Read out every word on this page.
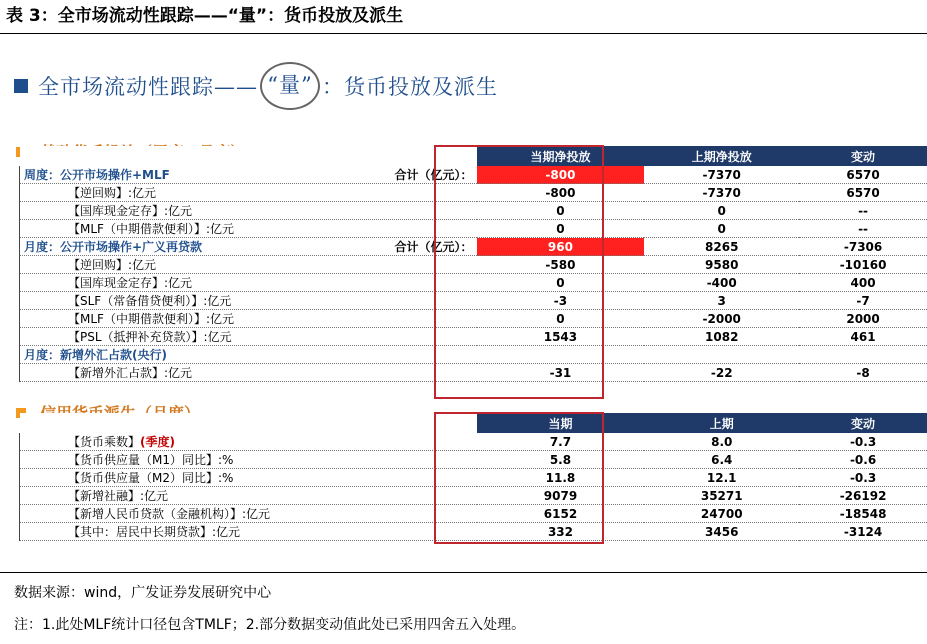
表 3：全市场流动性跟踪——“量”：货币投放及派生
全市场流动性跟踪—— “量” ：货币投放及派生
	当期净投放	上期净投放	变动

周度：公开市场操作+MLF 合计（亿元）：	-800	-7370	6570

【逆回购】:亿元	-800	-7370	6570

【国库现金定存】:亿元	0	0	--

【MLF（中期借款便利）】:亿元	0	0	--

月度：公开市场操作+广义再贷款 合计（亿元）：	960	8265	-7306

【逆回购】:亿元	-580	9580	-10160

【国库现金定存】:亿元	0	-400	400

【SLF（常备借贷便利）】:亿元	-3	3	-7

【MLF（中期借款便利）】:亿元	0	-2000	2000

【PSL（抵押补充贷款）】:亿元	1543	1082	461

月度：新增外汇占款(央行)			

【新增外汇占款】:亿元	-31	-22	-8
	当期	上期	变动

【货币乘数】(季度)	7.7	8.0	-0.3

【货币供应量（M1）同比】:%	5.8	6.4	-0.6

【货币供应量（M2）同比】:%	11.8	12.1	-0.3

【新增社融】:亿元	9079	35271	-26192

【新增人民币贷款（金融机构）】:亿元	6152	24700	-18548

【其中：居民中长期贷款】:亿元	332	3456	-3124
数据来源：wind，广发证券发展研究中心
注：1.此处MLF统计口径包含TMLF；2.部分数据变动值此处已采用四舍五入处理。
